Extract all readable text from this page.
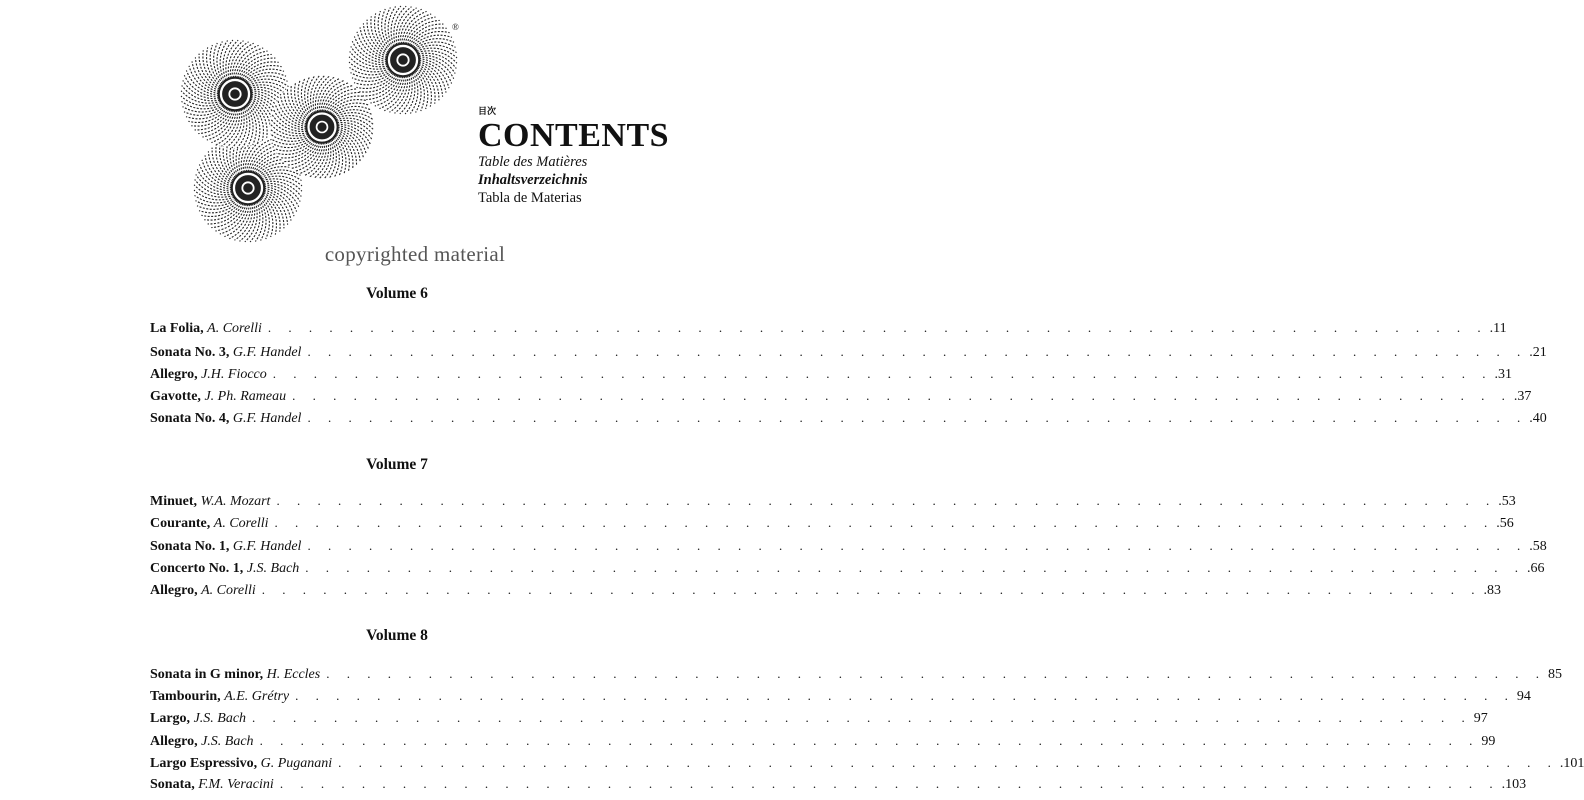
®
目次
CONTENTS
Table des Matières
Inhaltsverzeichnis
Tabla de Materias
copyrighted material
Volume 6
La Folia,
A. Corelli . . . . . . . . . . . . . . . . . . . . . . . . . . . . . . . . . . . . . . . . . . . . . . . . . . . . . . . . . . . . .11
Sonata No. 3,
G.F. Handel . . . . . . . . . . . . . . . . . . . . . . . . . . . . . . . . . . . . . . . . . . . . . . . . . . . . . . . . . . . . .21
Allegro,
J.H. Fiocco . . . . . . . . . . . . . . . . . . . . . . . . . . . . . . . . . . . . . . . . . . . . . . . . . . . . . . . . . . . . .31
Gavotte,
J. Ph. Rameau . . . . . . . . . . . . . . . . . . . . . . . . . . . . . . . . . . . . . . . . . . . . . . . . . . . . . . . . . . . . .37
Sonata No. 4,
G.F. Handel . . . . . . . . . . . . . . . . . . . . . . . . . . . . . . . . . . . . . . . . . . . . . . . . . . . . . . . . . . . . .40
Volume 7
Minuet,
W.A. Mozart . . . . . . . . . . . . . . . . . . . . . . . . . . . . . . . . . . . . . . . . . . . . . . . . . . . . . . . . . . . . .53
Courante,
A. Corelli . . . . . . . . . . . . . . . . . . . . . . . . . . . . . . . . . . . . . . . . . . . . . . . . . . . . . . . . . . . . .56
Sonata No. 1,
G.F. Handel . . . . . . . . . . . . . . . . . . . . . . . . . . . . . . . . . . . . . . . . . . . . . . . . . . . . . . . . . . . . .58
Concerto No. 1,
J.S. Bach . . . . . . . . . . . . . . . . . . . . . . . . . . . . . . . . . . . . . . . . . . . . . . . . . . . . . . . . . . . . .66
Allegro,
A. Corelli . . . . . . . . . . . . . . . . . . . . . . . . . . . . . . . . . . . . . . . . . . . . . . . . . . . . . . . . . . . . .83
Volume 8
Sonata in G minor,
H. Eccles . . . . . . . . . . . . . . . . . . . . . . . . . . . . . . . . . . . . . . . . . . . . . . . . . . . . . . . . . . . . 85
Tambourin,
A.E. Grétry . . . . . . . . . . . . . . . . . . . . . . . . . . . . . . . . . . . . . . . . . . . . . . . . . . . . . . . . . . . . 94
Largo,
J.S. Bach . . . . . . . . . . . . . . . . . . . . . . . . . . . . . . . . . . . . . . . . . . . . . . . . . . . . . . . . . . . . 97
Allegro,
J.S. Bach . . . . . . . . . . . . . . . . . . . . . . . . . . . . . . . . . . . . . . . . . . . . . . . . . . . . . . . . . . . . 99
Largo Espressivo,
G. Puganani . . . . . . . . . . . . . . . . . . . . . . . . . . . . . . . . . . . . . . . . . . . . . . . . . . . . . . . . . . . . .101
Sonata,
F.M. Veracini . . . . . . . . . . . . . . . . . . . . . . . . . . . . . . . . . . . . . . . . . . . . . . . . . . . . . . . . . . . . .103
